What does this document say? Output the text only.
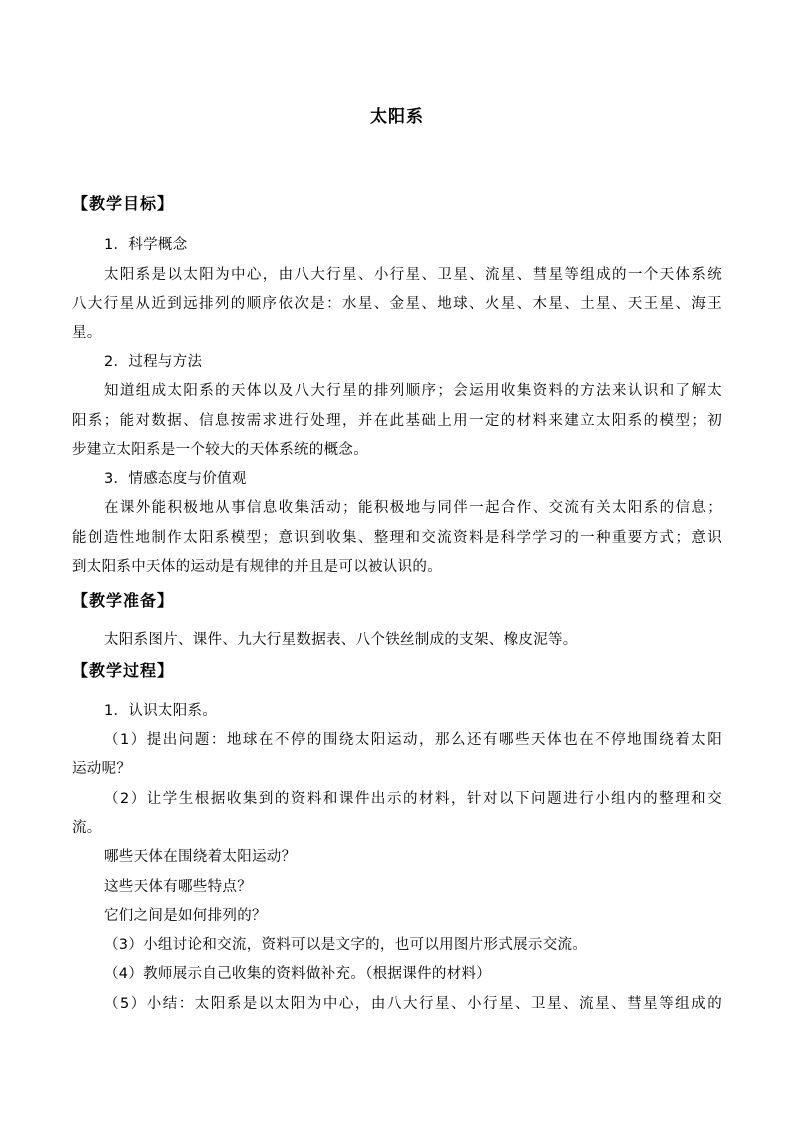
太阳系
【教学目标】
1．科学概念
太阳系是以太阳为中心，由八大行星、小行星、卫星、流星、彗星等组成的一个天体系统
八大行星从近到远排列的顺序依次是：水星、金星、地球、火星、木星、土星、天王星、海王
星。
2．过程与方法
知道组成太阳系的天体以及八大行星的排列顺序；会运用收集资料的方法来认识和了解太
阳系；能对数据、信息按需求进行处理，并在此基础上用一定的材料来建立太阳系的模型；初
步建立太阳系是一个较大的天体系统的概念。
3．情感态度与价值观
在课外能积极地从事信息收集活动；能积极地与同伴一起合作、交流有关太阳系的信息；
能创造性地制作太阳系模型；意识到收集、整理和交流资料是科学学习的一种重要方式；意识
到太阳系中天体的运动是有规律的并且是可以被认识的。
【教学准备】
太阳系图片、课件、九大行星数据表、八个铁丝制成的支架、橡皮泥等。
【教学过程】
1．认识太阳系。
（1）提出问题：地球在不停的围绕太阳运动，那么还有哪些天体也在不停地围绕着太阳
运动呢？
（2）让学生根据收集到的资料和课件出示的材料，针对以下问题进行小组内的整理和交
流。
哪些天体在围绕着太阳运动？
这些天体有哪些特点？
它们之间是如何排列的？
（3）小组讨论和交流，资料可以是文字的，也可以用图片形式展示交流。
（4）教师展示自己收集的资料做补充。（根据课件的材料）
（5）小结：太阳系是以太阳为中心，由八大行星、小行星、卫星、流星、彗星等组成的
